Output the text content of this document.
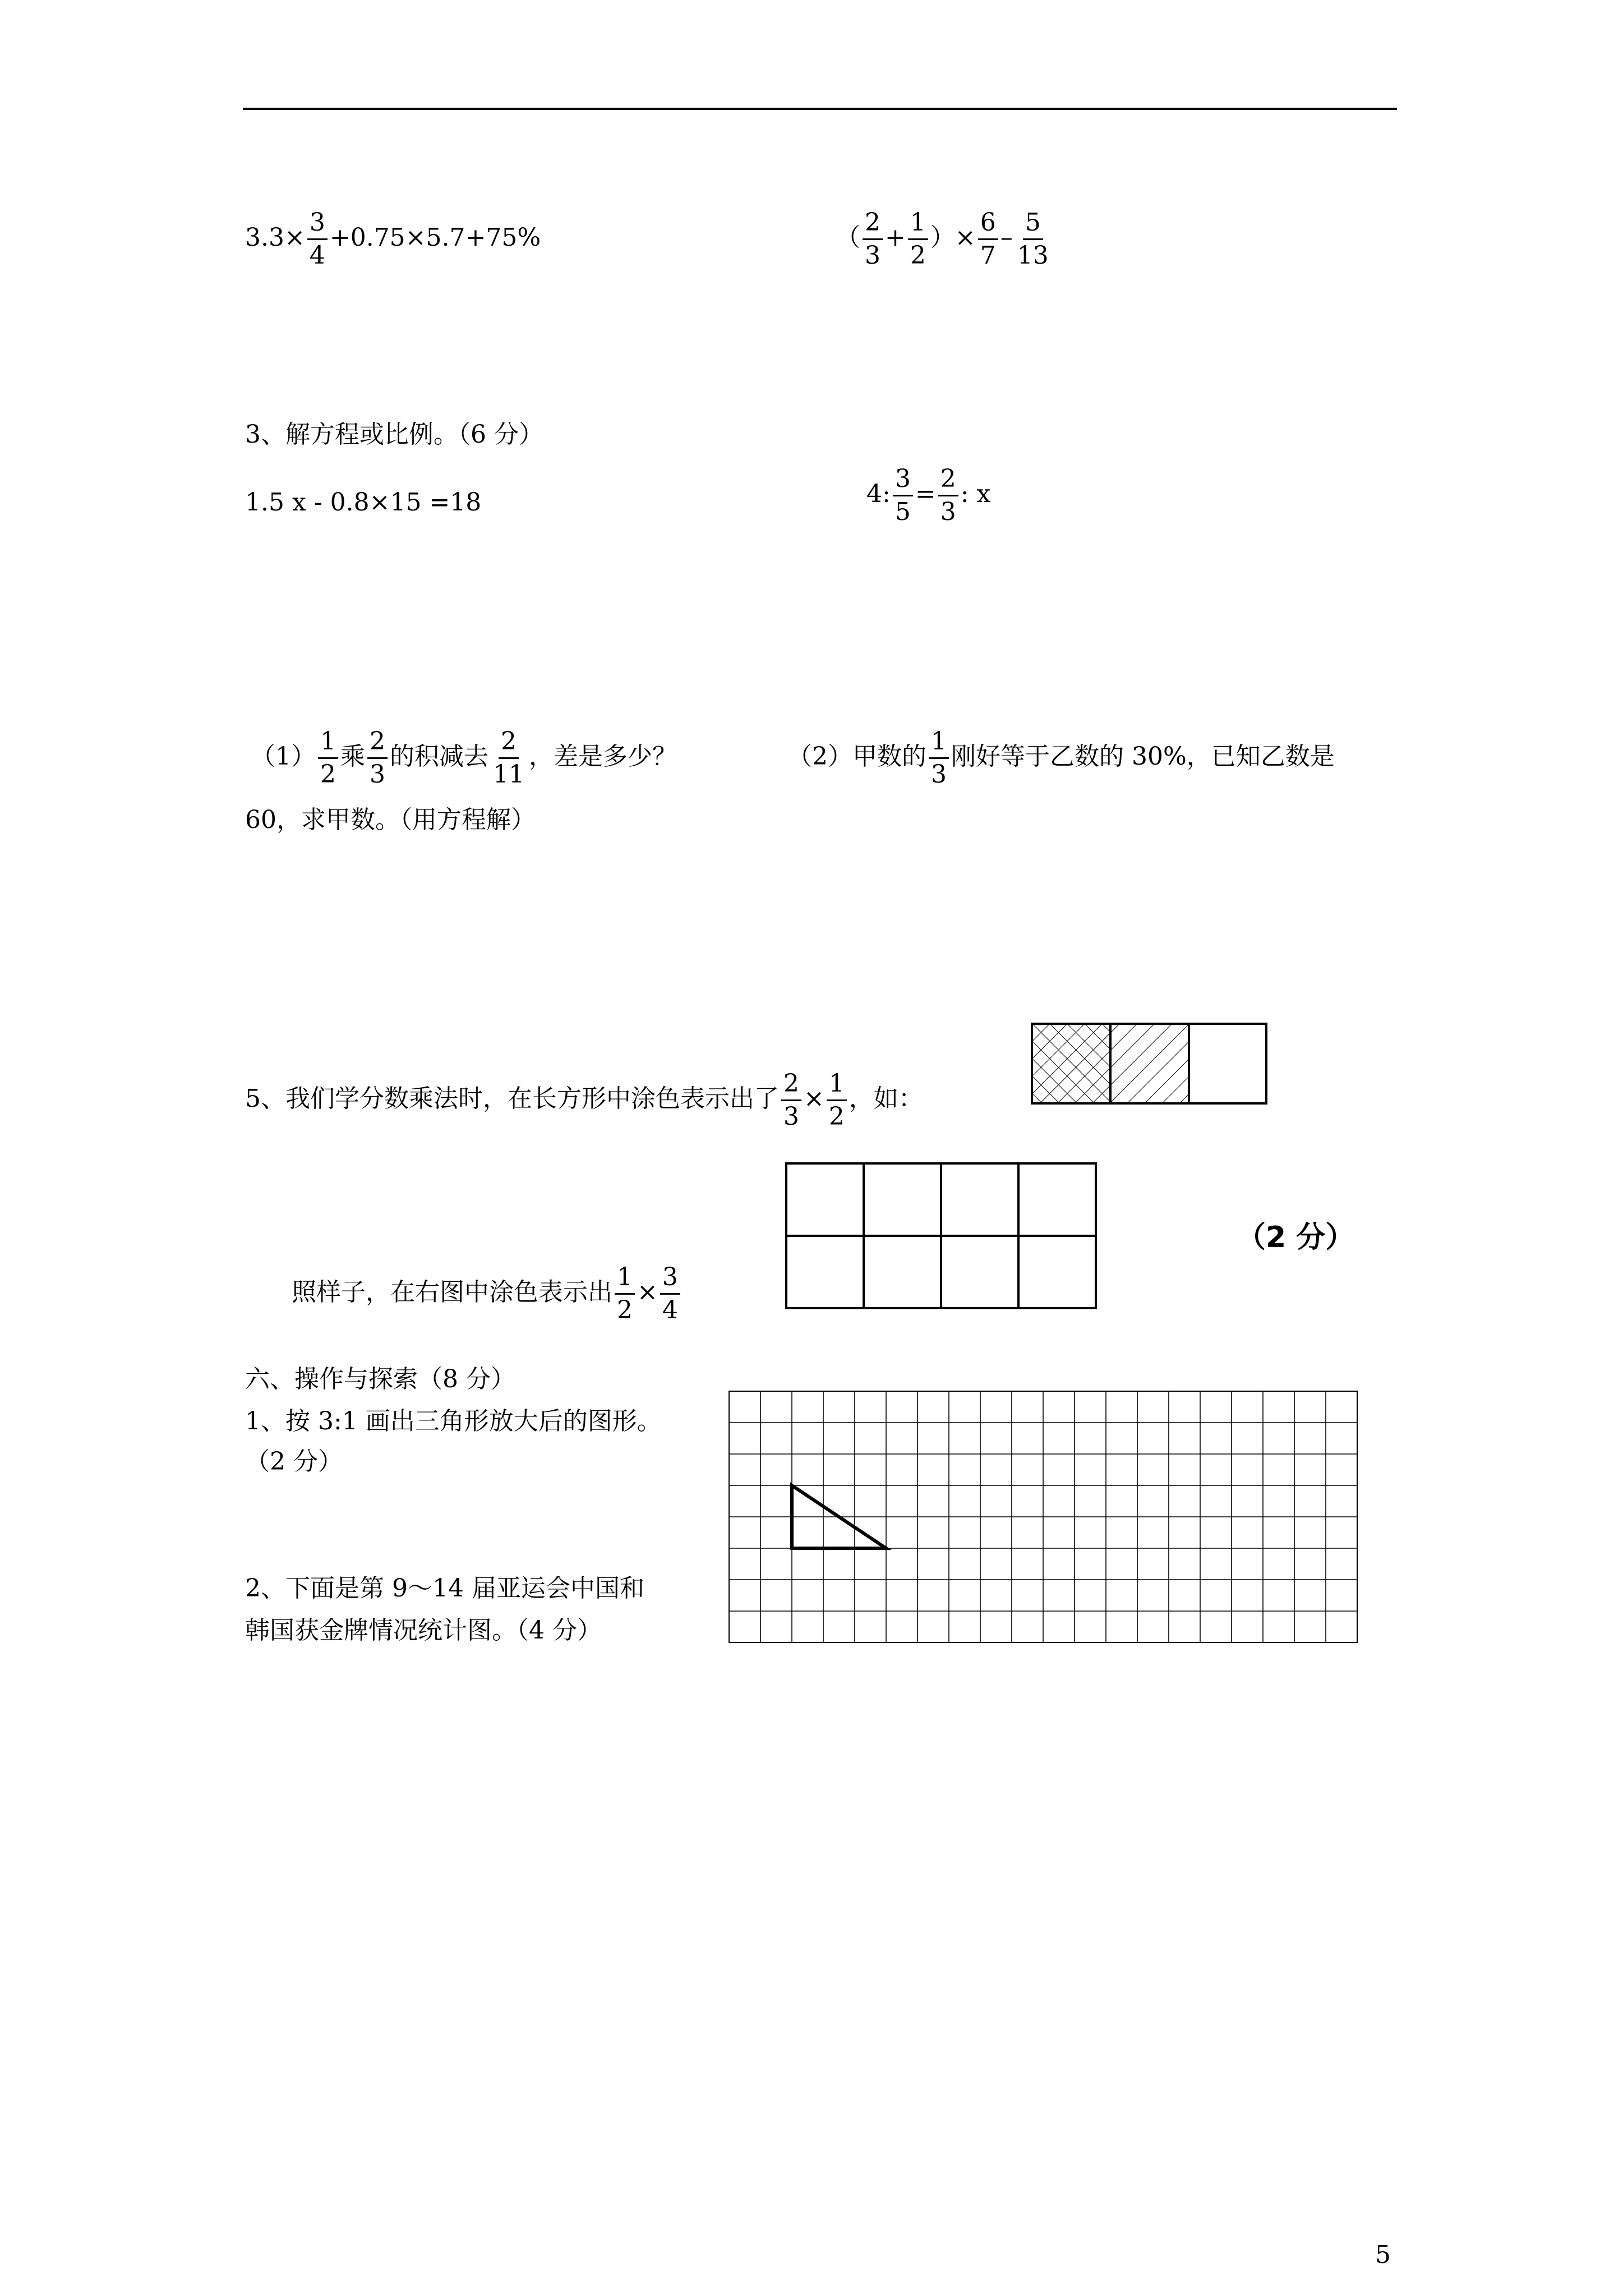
$3.3\times \frac{3}{4} +0.75\times 5.7+75\%$	（ $\frac{2}{3} + \frac{1}{2}$ ）× $\frac{6}{7} - \frac{5}{13}$
3、解方程或比例。（6 分）
1.5 x - 0.8×15 =18	4: $\frac{3}{5} = \frac{2}{3}$ : x
$(1) \frac{1}{2}$ 乘 $\frac{2}{3}$ 的积减去 $\frac{2}{11}$ ，差是多少？	（2）甲数的 $\frac{1}{3}$ 刚好等于乙数的 30%，已知乙数是
60，求甲数。（用方程解）
5、我们学分数乘法时，在长方形中涂色表示出了 $\frac{2}{3} \times \frac{1}{2}$ ，如：
（2 分）
照样子，在右图中涂色表示出 $\frac{1}{2} \times \frac{3}{4}$
六、操作与探索（8 分）
1、按 3:1 画出三角形放大后的图形。
（2 分）
2、下面是第 9～14 届亚运会中国和
韩国获金牌情况统计图。（4 分）
5
